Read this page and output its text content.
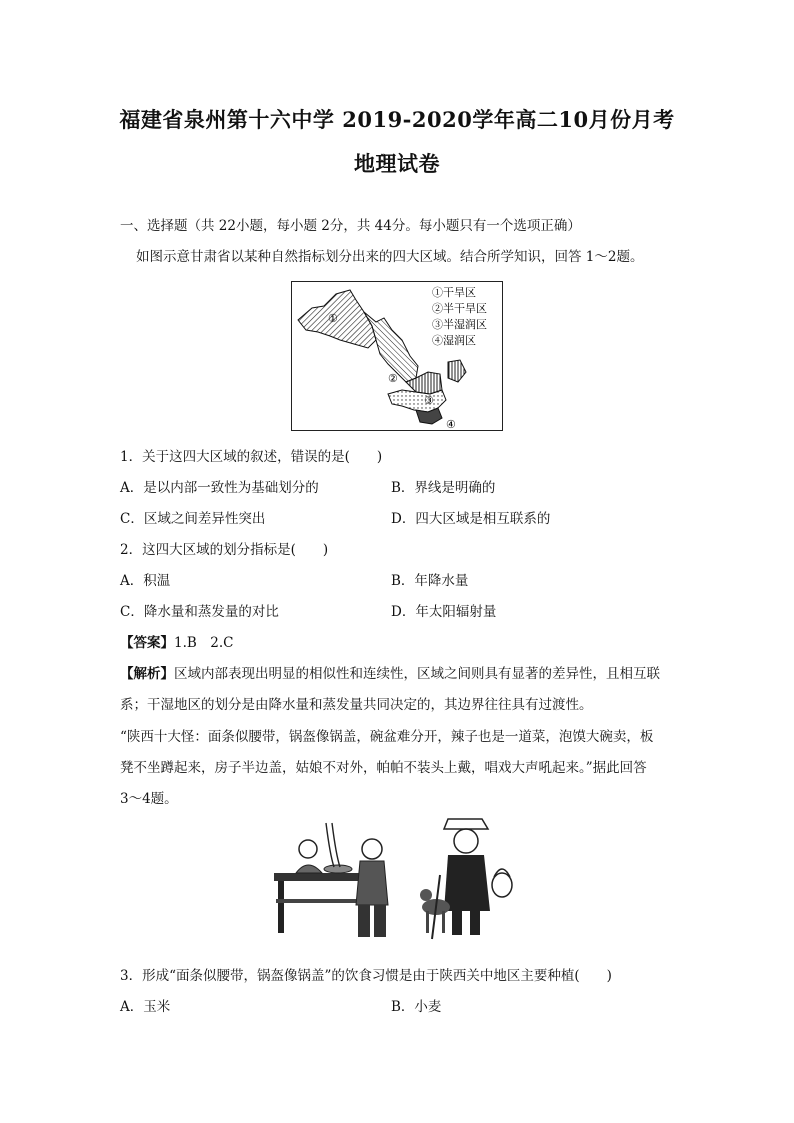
福建省泉州第十六中学 2019-2020学年高二10月份月考
地理试卷
一、选择题（共 22小题，每小题 2分，共 44分。每小题只有一个选项正确）
如图示意甘肃省以某种自然指标划分出来的四大区域。结合所学知识，回答 1～2题。
①
②
③
④
①干旱区
②半干旱区
③半湿润区
④湿润区
1．关于这四大区域的叙述，错误的是(　　)
A．是以内部一致性为基础划分的	B．界线是明确的
C．区域之间差异性突出	D．四大区域是相互联系的
2．这四大区域的划分指标是(　　)
A．积温	B．年降水量
C．降水量和蒸发量的对比	D．年太阳辐射量
【答案】1.B　2.C
【解析】区域内部表现出明显的相似性和连续性，区域之间则具有显著的差异性，且相互联
系；干湿地区的划分是由降水量和蒸发量共同决定的，其边界往往具有过渡性。
“陕西十大怪：面条似腰带，锅盔像锅盖，碗盆难分开，辣子也是一道菜，泡馍大碗卖，板
凳不坐蹲起来，房子半边盖，姑娘不对外，帕帕不装头上戴，唱戏大声吼起来。”据此回答
3～4题。
3．形成“面条似腰带，锅盔像锅盖”的饮食习惯是由于陕西关中地区主要种植(　　)
A．玉米	B．小麦
